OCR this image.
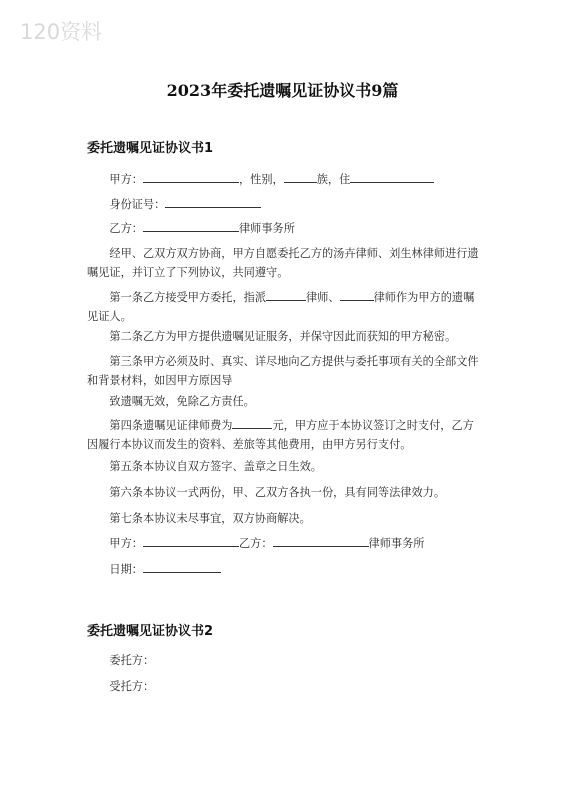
120资料
2023年委托遗嘱见证协议书9篇
委托遗嘱见证协议书1

甲方：	，性别，	族，住

身份证号：

乙方：	律师事务所

经甲、乙双方双方协商，甲方自愿委托乙方的汤卉律师、刘生林律师进行遗嘱见证，并订立了下列协议，共同遵守。

第一条乙方接受甲方委托，指派	律师、	律师作为甲方的遗嘱见证人。

第二条乙方为甲方提供遗嘱见证服务，并保守因此而获知的甲方秘密。

第三条甲方必须及时、真实、详尽地向乙方提供与委托事项有关的全部文件和背景材料，如因甲方原因导

致遗嘱无效，免除乙方责任。

第四条遗嘱见证律师费为	元，甲方应于本协议签订之时支付，乙方因履行本协议而发生的资料、差旅等其他费用，由甲方另行支付。

第五条本协议自双方签字、盖章之日生效。

第六条本协议一式两份，甲、乙双方各执一份，具有同等法律效力。

第七条本协议未尽事宜，双方协商解决。

甲方：	乙方：	律师事务所

日期：

委托遗嘱见证协议书2

委托方：

受托方：
